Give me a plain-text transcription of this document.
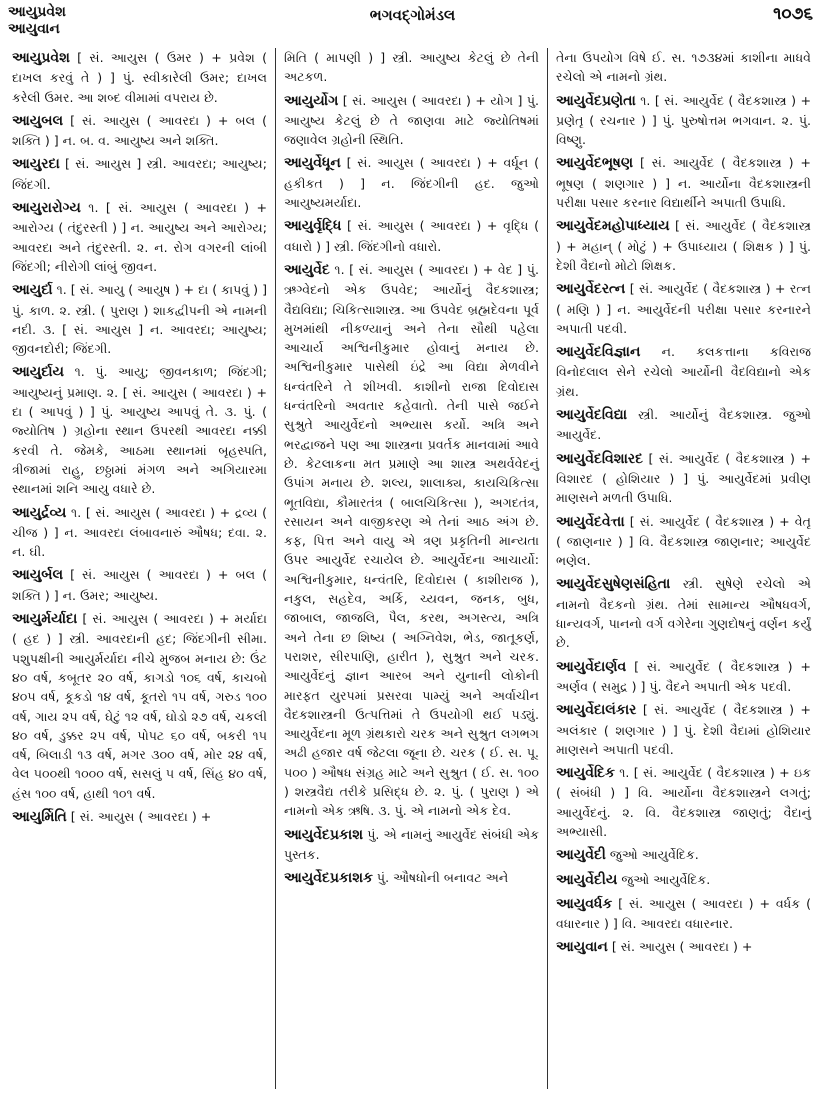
આયુપ્રવેશ
આયુવાન
ભગવદ્ગોમંડલ	૧૦૭૬

આયુપ્રવેશ [ સં. આયુસ ( ઉમર ) + પ્રવેશ ( દાખલ કરવું તે ) ] પું. સ્વીકારેલી ઉમર; દાખલ કરેલી ઉમર. આ શબ્દ વીમામાં વપરાય છે.

આયુબલ [ સં. આયુસ ( આવરદા ) + બલ ( શક્તિ ) ] ન. બ. વ. આયુષ્ય અને શક્તિ.

આયુરદા [ સં. આયુસ ] સ્ત્રી. આવરદા; આયુષ્ય; જિંદગી.

આયુરારોગ્ય ૧. [ સં. આયુસ ( આવરદા ) + આરોગ્ય ( તંદુરસ્તી ) ] ન. આયુષ્ય અને આરોગ્ય; આવરદા અને તંદુરસ્તી. ૨. ન. રોગ વગરની લાંબી જિંદગી; નીરોગી લાંબું જીવન.

આયુર્દા ૧. [ સં. આયુ ( આયુષ ) + દા ( કાપવું ) ] પું. કાળ. ૨. સ્ત્રી. ( પુરાણ ) શાકદ્વીપની એ નામની નદી. ૩. [ સં. આયુસ ] ન. આવરદા; આયુષ્ય; જીવનદોરી; જિંદગી.

આયુર્દાય ૧. પું. આયુ; જીવનકાળ; જિંદગી; આયુષ્યનું પ્રમાણ. ૨. [ સં. આયુસ ( આવરદા ) + દા ( આપવું ) ] પું. આયુષ્ય આપવું તે. ૩. પું. ( જ્યોતિષ ) ગ્રહોના સ્થાન ઉપરથી આવરદા નક્કી કરવી તે. જેમકે, આઠમા સ્થાનમાં બૃહસ્પતિ, ત્રીજામાં રાહુ, છઠ્ઠામાં મંગળ અને અગિયારમા સ્થાનમાં શનિ આયુ વધારે છે.

આયુર્દ્રવ્ય ૧. [ સં. આયુસ ( આવરદા ) + દ્રવ્ય ( ચીજ ) ] ન. આવરદા લંબાવનારું ઔષધ; દવા. ૨. ન. ઘી.

આયુર્બલ [ સં. આયુસ ( આવરદા ) + બલ ( શક્તિ ) ] ન. ઉમર; આયુષ્ય.

આયુર્મર્યાદા [ સં. આયુસ ( આવરદા ) + મર્યાદા ( હદ ) ] સ્ત્રી. આવરદાની હદ; જિંદગીની સીમા. પશુપક્ષીની આયુર્મર્યાદા નીચે મુજબ મનાય છે: ઉંટ ૪૦ વર્ષ, કબૂતર ૨૦ વર્ષ, કાગડો ૧૦૬ વર્ષ, કાચબો ૪૦૫ વર્ષ, કૂકડો ૧૪ વર્ષ, કૂતરો ૧૫ વર્ષ, ગરુડ ૧૦૦ વર્ષ, ગાય ૨૫ વર્ષ, ઘેટું ૧૨ વર્ષ, ઘોડો ૨૭ વર્ષ, ચકલી ૪૦ વર્ષ, ડુક્કર ૨૫ વર્ષ, પોપટ ૬૦ વર્ષ, બકરી ૧૫ વર્ષ, બિલાડી ૧૩ વર્ષ, મગર ૩૦૦ વર્ષ, મોર ૨૪ વર્ષ, વેલ ૫૦૦થી ૧૦૦૦ વર્ષ, સસલું ૫ વર્ષ, સિંહ ૪૦ વર્ષ, હંસ ૧૦૦ વર્ષ, હાથી ૧૦૧ વર્ષ.

આયુર્મિતિ [ સં. આયુસ ( આવરદા ) +

મિતિ ( માપણી ) ] સ્ત્રી. આયુષ્ય કેટલું છે તેની અટકળ.

આયુર્યોગ [ સં. આયુસ ( આવરદા ) + યોગ ] પું. આયુષ્ય કેટલું છે તે જાણવા માટે જ્યોતિષમાં જણાવેલ ગ્રહોની સ્થિતિ.

આયુર્વેધૂન [ સં. આયુસ ( આવરદા ) + વર્ધૂન ( હકીકત ) ] ન. જિંદગીની હદ. જુઓ આયુષ્યમર્યાદા.

આયુર્વૃદ્ધિ [ સં. આયુસ ( આવરદા ) + વૃદ્ધિ ( વધારો ) ] સ્ત્રી. જિંદગીનો વધારો.

આયુર્વેદ ૧. [ સં. આયુસ ( આવરદા ) + વેદ ] પું. ઋગ્વેદનો એક ઉપવેદ; આર્યોનું વૈદકશાસ્ત્ર; વૈદ્યવિદ્યા; ચિકિત્સાશાસ્ત્ર. આ ઉપવેદ બ્રહ્મદેવના પૂર્વ મુખમાંથી નીકળ્યાનું અને તેના સૌથી પહેલા આચાર્ય અશ્વિનીકુમાર હોવાનું મનાય છે. અશ્વિનીકુમાર પાસેથી ઇંદ્રે આ વિદ્યા મેળવીને ધન્વંતરિને તે શીખવી. કાશીનો રાજા દિવોદાસ ધન્વંતરિનો અવતાર કહેવાતો. તેની પાસે જઈને સુશ્રુતે આયુર્વેદનો અભ્યાસ કર્યો. અત્રિ અને ભરદ્વાજને પણ આ શાસ્ત્રના પ્રવર્તક માનવામાં આવે છે. કેટલાકના મત પ્રમાણે આ શાસ્ત્ર અથર્વવેદનું ઉપાંગ મનાય છે. શલ્ય, શાલાક્ય, કાયચિકિત્સા ભૂતવિદ્યા, કૌમારતંત્ર ( બાલચિકિત્સા ), અગદતંત્ર, રસાયન અને વાજીકરણ એ તેનાં આઠ અંગ છે. કફ, પિત્ત અને વાયુ એ ત્રણ પ્રકૃતિની માન્યતા ઉપર આયુર્વેદ રચાયેલ છે. આયુર્વેદના આચાર્યો: અશ્વિનીકુમાર, ધન્વંતરિ, દિવોદાસ ( કાશીરાજ ), નકુલ, સહદેવ, અર્કિ, ચ્યવન, જનક, બુધ, જાબાલ, જાજલિ, પૈલ, કરથ, અગસ્ત્ય, અત્રિ અને તેના છ શિષ્ય ( અગ્નિવેશ, ભેડ, જાતૂકર્ણ, પરાશર, સીરપાણિ, હારીત ), સુશ્રુત અને ચરક. આયુર્વેદનું જ્ઞાન આરબ અને યુનાની લોકોની મારફત યુરપમાં પ્રસરવા પામ્યું અને અર્વાચીન વૈદકશાસ્ત્રની ઉત્પત્તિમાં તે ઉપયોગી થઈ પડ્યું. આયુર્વેદના મૂળ ગ્રંથકારો ચરક અને સુશ્રુત લગભગ અઢી હજાર વર્ષ જેટલા જૂના છે. ચરક ( ઈ. સ. પૂ. ૫૦૦ ) ઔષધ સંગ્રહ માટે અને સુશ્રુત ( ઈ. સ. ૧૦૦ ) શસ્ત્રવૈદ્ય તરીકે પ્રસિદ્ધ છે. ૨. પું. ( પુરાણ ) એ નામનો એક ઋષિ. ૩. પું. એ નામનો એક દેવ.

આયુર્વેદપ્રકાશ પું. એ નામનું આયુર્વેદ સંબંધી એક પુસ્તક.

આયુર્વેદપ્રકાશક પું. ઔષધોની બનાવટ અને

તેના ઉપયોગ વિષે ઈ. સ. ૧૭૩૪માં કાશીના માધવે રચેલો એ નામનો ગ્રંથ.

આયુર્વેદપ્રણેતા ૧. [ સં. આયુર્વેદ ( વૈદકશાસ્ત્ર ) + પ્રણેતૃ ( રચનાર ) ] પું. પુરુષોત્તમ ભગવાન. ૨. પું. વિષ્ણુ.

આયુર્વેદભૂષણ [ સં. આયુર્વેદ ( વૈદકશાસ્ત્ર ) + ભૂષણ ( શણગાર ) ] ન. આર્યોના વૈદકશાસ્ત્રની પરીક્ષા પસાર કરનાર વિદ્યાર્થીને અપાતી ઉપાધિ.

આયુર્વેદમહોપાધ્યાય [ સં. આયુર્વેદ ( વૈદકશાસ્ત્ર ) + મહાન્ ( મોટું ) + ઉપાધ્યાય ( શિક્ષક ) ] પું. દેશી વૈદાનો મોટો શિક્ષક.

આયુર્વેદરત્ન [ સં. આયુર્વેદ ( વૈદકશાસ્ત્ર ) + રત્ન ( મણિ ) ] ન. આયુર્વેદની પરીક્ષા પસાર કરનારને અપાતી પદવી.

આયુર્વેદવિજ્ઞાન ન. કલકત્તાના કવિરાજ વિનોદલાલ સેને રચેલો આર્યોની વૈદવિદ્યાનો એક ગ્રંથ.

આયુર્વેદવિદ્યા સ્ત્રી. આર્યોનું વૈદકશાસ્ત્ર. જુઓ આયુર્વેદ.

આયુર્વેદવિશારદ [ સં. આયુર્વેદ ( વૈદકશાસ્ત્ર ) + વિશારદ ( હોશિયાર ) ] પું. આયુર્વેદમાં પ્રવીણ માણસને મળતી ઉપાધિ.

આયુર્વેદવેત્તા [ સં. આયુર્વેદ ( વૈદકશાસ્ત્ર ) + વેતૃ ( જાણનાર ) ] વિ. વૈદકશાસ્ત્ર જાણનાર; આયુર્વેદ ભણેલ.

આયુર્વેદસુષેણસંહિતા સ્ત્રી. સુષેણે રચેલો એ નામનો વૈદકનો ગ્રંથ. તેમાં સામાન્ય ઔષધવર્ગ, ધાન્યવર્ગ, પાનનો વર્ગ વગેરેના ગુણદોષનું વર્ણન કર્યું છે.

આયુર્વેદાર્ણવ [ સં. આયુર્વેદ ( વૈદકશાસ્ત્ર ) + અર્ણવ ( સમુદ્ર ) ] પું. વૈદને અપાતી એક પદવી.

આયુર્વેદાલંકાર [ સં. આયુર્વેદ ( વૈદકશાસ્ત્ર ) + અલંકાર ( શણગાર ) ] પું. દેશી વૈદામાં હોશિયાર માણસને અપાતી પદવી.

આયુર્વેદિક ૧. [ સં. આયુર્વેદ ( વૈદકશાસ્ત્ર ) + ઇક ( સંબંધી ) ] વિ. આર્યોના વૈદકશાસ્ત્રને લગતું; આયુર્વેદનું. ૨. વિ. વૈદકશાસ્ત્ર જાણતું; વૈદાનું અભ્યાસી.

આયુર્વેદી જુઓ આયુર્વેદિક.

આયુર્વેદીય જુઓ આયુર્વેદિક.

આયુવર્ધક [ સં. આયુસ ( આવરદા ) + વર્ધક ( વધારનાર ) ] વિ. આવરદા વધારનાર.

આયુવાન [ સં. આયુસ ( આવરદા ) +
